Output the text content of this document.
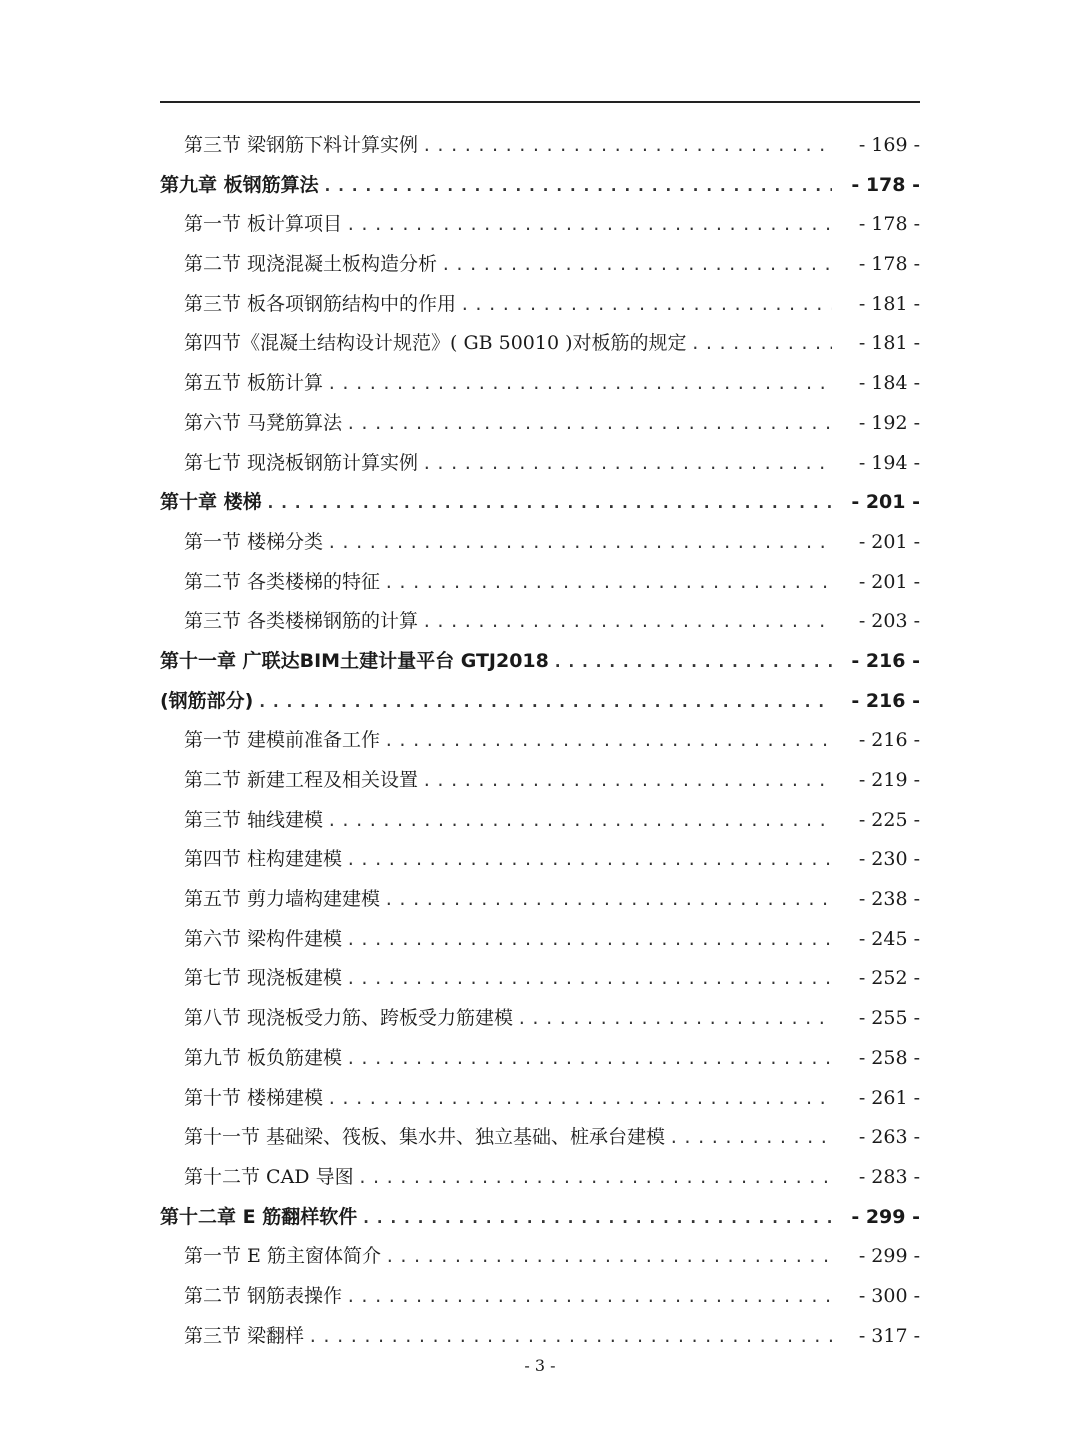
第三节 梁钢筋下料计算实例 .....	- 169 -
第九章 板钢筋算法 .....	- 178 -
第一节 板计算项目 .....	- 178 -
第二节 现浇混凝土板构造分析 .....	- 178 -
第三节 板各项钢筋结构中的作用 .....	- 181 -
第四节《混凝土结构设计规范》( GB 50010 )对板筋的规定 .....	- 181 -
第五节 板筋计算 .....	- 184 -
第六节 马凳筋算法 .....	- 192 -
第七节 现浇板钢筋计算实例 .....	- 194 -
第十章 楼梯 .....	- 201 -
第一节 楼梯分类 .....	- 201 -
第二节 各类楼梯的特征 .....	- 201 -
第三节 各类楼梯钢筋的计算 .....	- 203 -
第十一章 广联达BIM土建计量平台 GTJ2018 .....	- 216 -
(钢筋部分) .....	- 216 -
第一节 建模前准备工作 .....	- 216 -
第二节 新建工程及相关设置 .....	- 219 -
第三节 轴线建模 .....	- 225 -
第四节 柱构建建模 .....	- 230 -
第五节 剪力墙构建建模 .....	- 238 -
第六节 梁构件建模 .....	- 245 -
第七节 现浇板建模 .....	- 252 -
第八节 现浇板受力筋、跨板受力筋建模 .....	- 255 -
第九节 板负筋建模 .....	- 258 -
第十节 楼梯建模 .....	- 261 -
第十一节 基础梁、筏板、集水井、独立基础、桩承台建模 .....	- 263 -
第十二节 CAD 导图 .....	- 283 -
第十二章 E 筋翻样软件 .....	- 299 -
第一节 E 筋主窗体简介 .....	- 299 -
第二节 钢筋表操作 .....	- 300 -
第三节 梁翻样 .....	- 317 -
- 3 -
